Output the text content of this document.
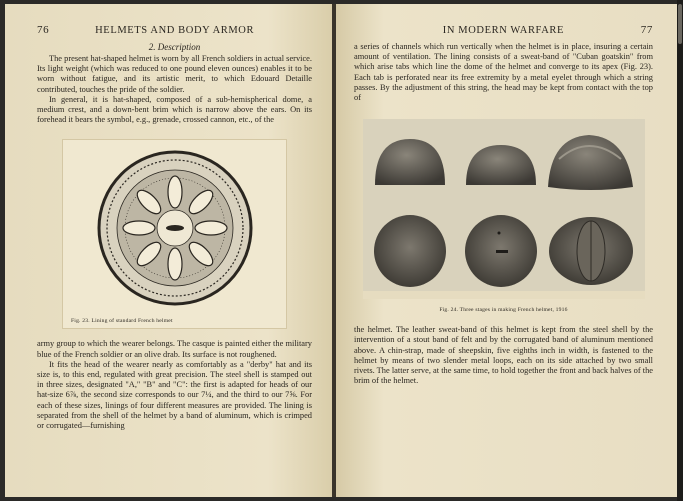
76	HELMETS AND BODY ARMOR
2. Description

The present hat-shaped helmet is worn by all French soldiers in actual service. Its light weight (which was reduced to one pound eleven ounces) enables it to be worn without fatigue, and its artistic merit, to which Edouard Detaille contributed, touches the pride of the soldier.

In general, it is hat-shaped, composed of a sub-hemispherical dome, a medium crest, and a down-bent brim which is narrow above the ears. On its forehead it bears the symbol, e.g., grenade, crossed cannon, etc., of the

Fig. 23. Lining of standard French helmet

army group to which the wearer belongs. The casque is painted either the military blue of the French soldier or an olive drab. Its surface is not roughened.

It fits the head of the wearer nearly as comfortably as a "derby" hat and its size is, to this end, regulated with great precision. The steel shell is stamped out in three sizes, designated "A," "B" and "C": the first is adapted for heads of our hat-size 6⅞, the second size corresponds to our 7¼, and the third to our 7⅝. For each of these sizes, linings of four different measures are provided. The lining is separated from the shell of the helmet by a band of aluminum, which is crimped or corrugated—furnishing

IN MODERN WARFARE	77

a series of channels which run vertically when the helmet is in place, insuring a certain amount of ventilation. The lining consists of a sweat-band of "Cuban goatskin" from which arise tabs which line the dome of the helmet and converge to its apex (Fig. 23). Each tab is perforated near its free extremity by a metal eyelet through which a string passes. By the adjustment of this string, the head may be kept from contact with the top of

Fig. 24. Three stages in making French helmet, 1916

the helmet. The leather sweat-band of this helmet is kept from the steel shell by the intervention of a stout band of felt and by the corrugated band of aluminum mentioned above. A chin-strap, made of sheepskin, five eighths inch in width, is fastened to the helmet by means of two slender metal loops, each on its side attached by two small rivets. The latter serve, at the same time, to hold together the front and back halves of the brim of the helmet.
